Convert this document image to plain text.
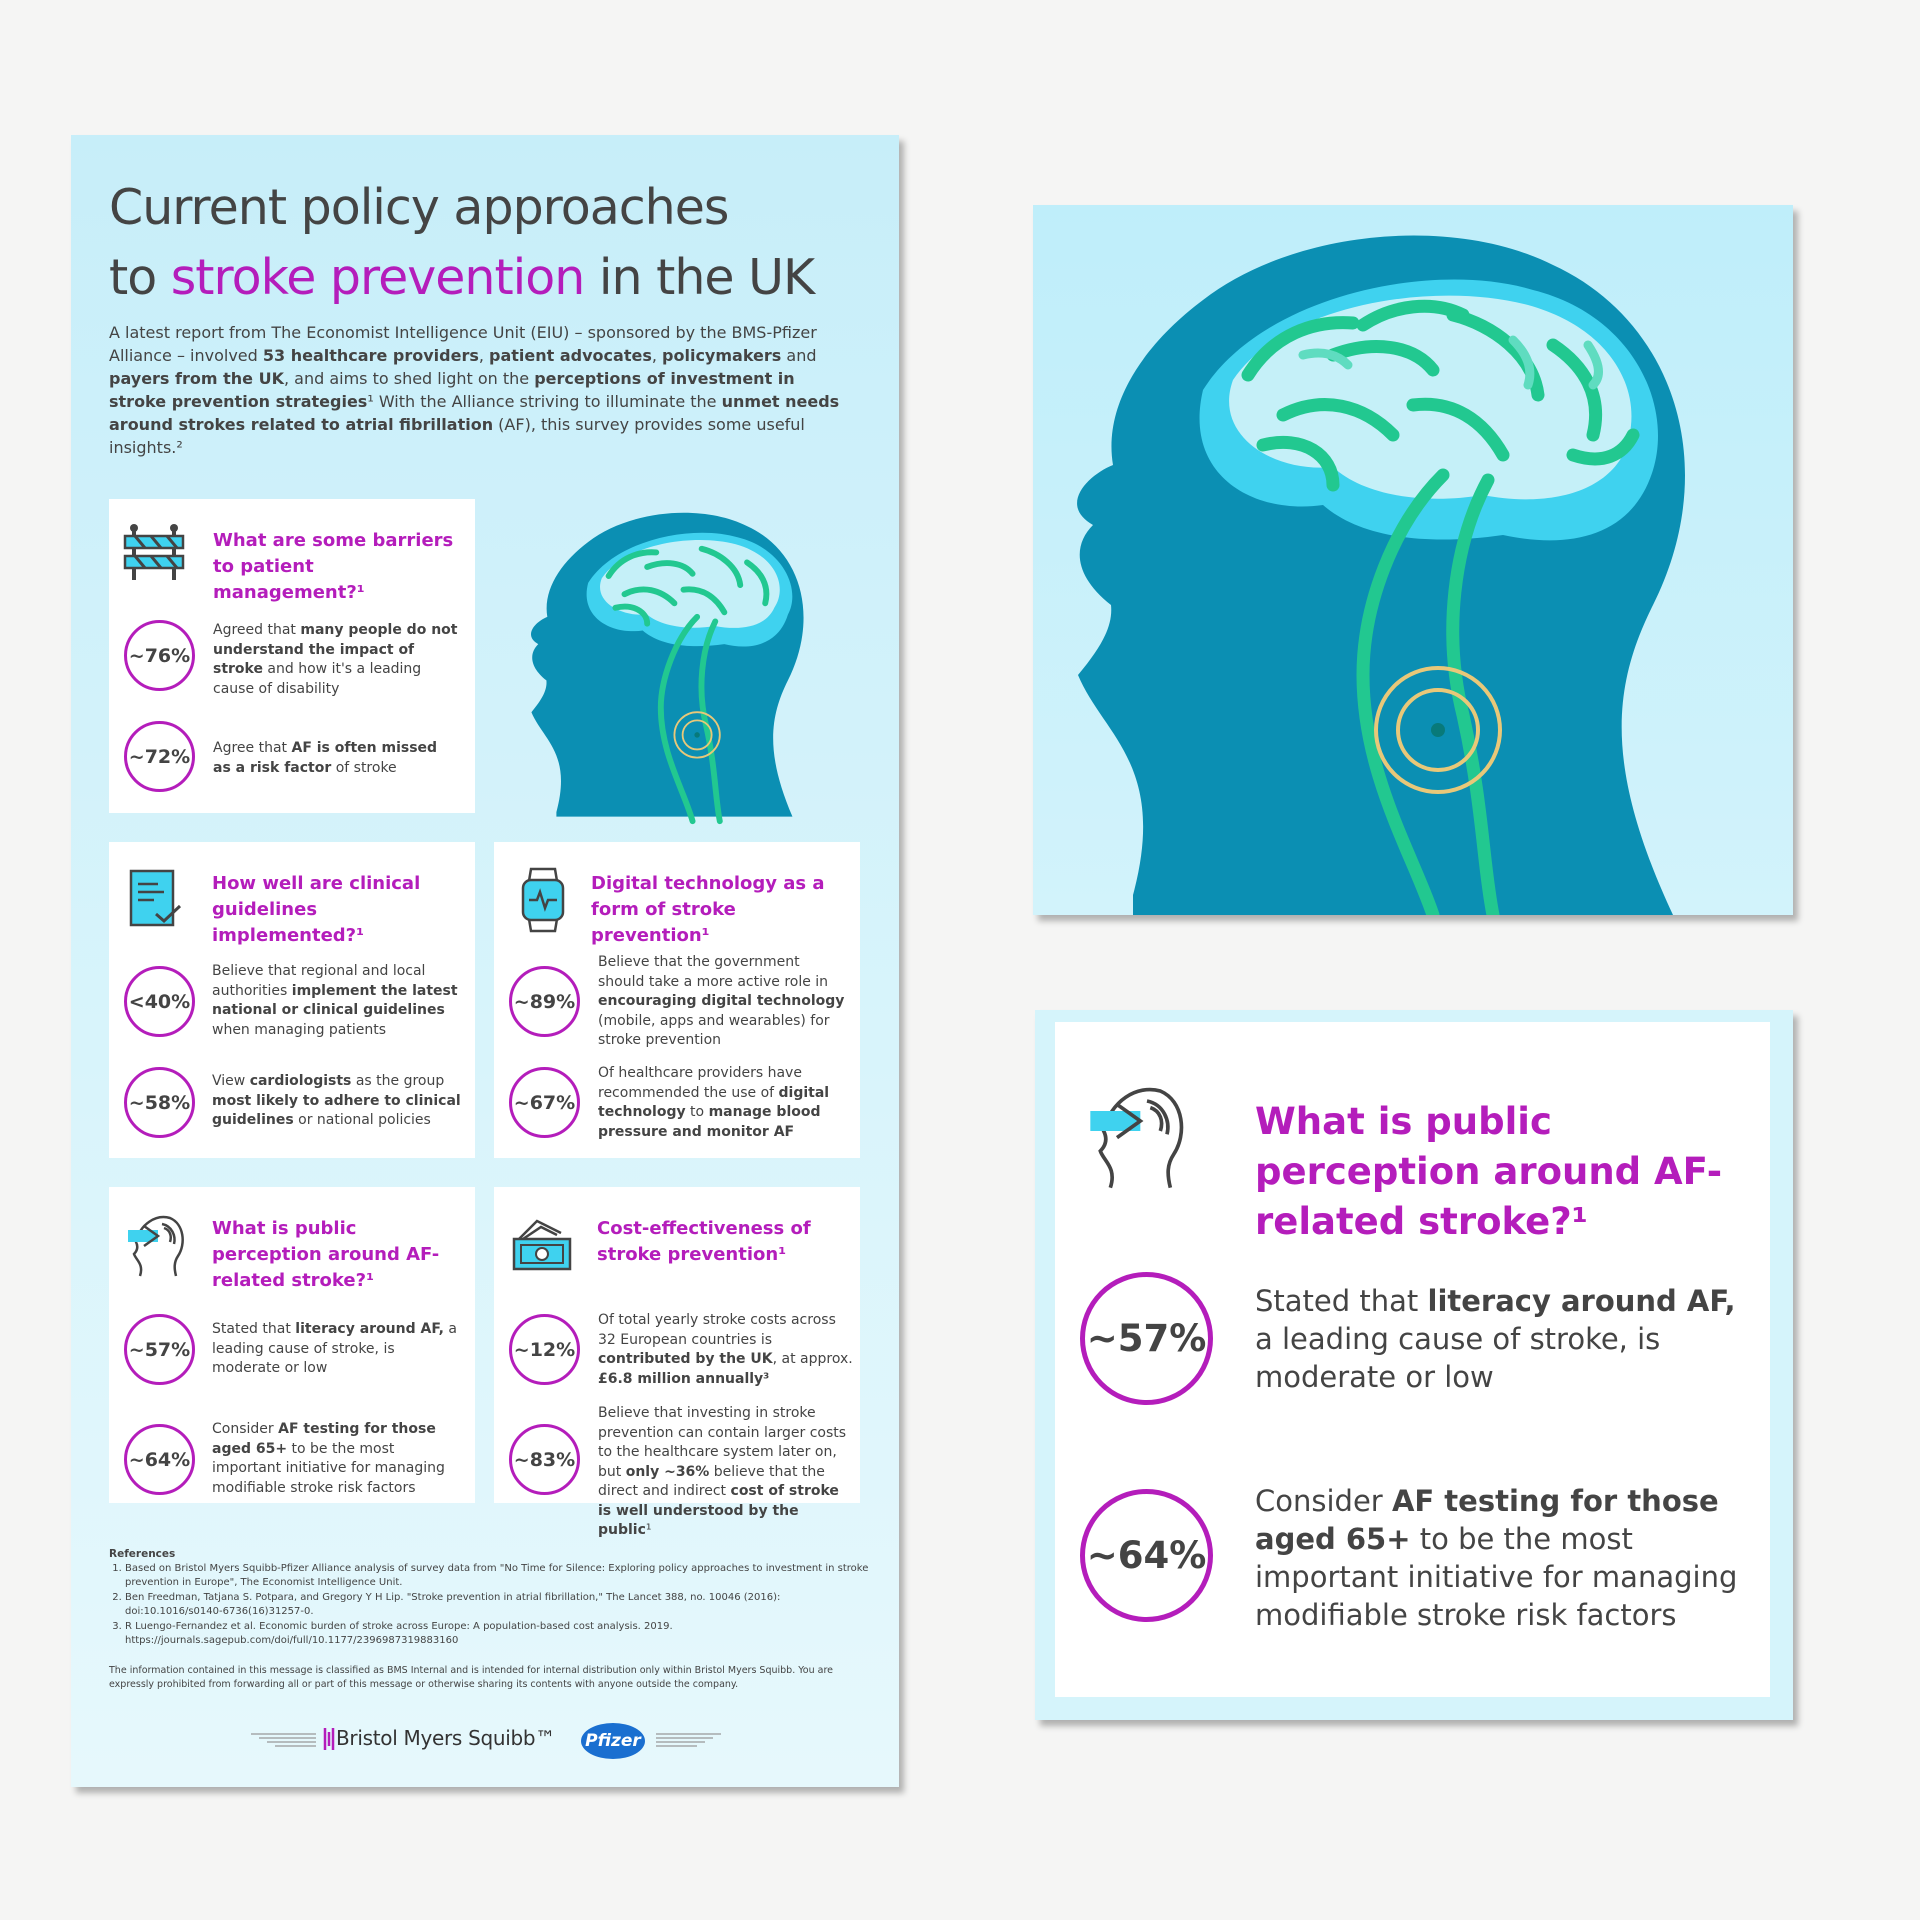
Current policy approaches
to stroke prevention in the UK
A latest report from The Economist Intelligence Unit (EIU) – sponsored by the BMS-Pfizer Alliance – involved 53 healthcare providers, patient advocates, policymakers and payers from the UK, and aims to shed light on the perceptions of investment in stroke prevention strategies¹ With the Alliance striving to illuminate the unmet needs around strokes related to atrial fibrillation (AF), this survey provides some useful insights.²
What are some barriers to patient management?¹
~76%
Agreed that many people do not understand the impact of stroke and how it's a leading cause of disability
~72%	Agree that AF is often missed as a risk factor of stroke
How well are clinical guidelines implemented?¹
<40%
Believe that regional and local authorities implement the latest national or clinical guidelines when managing patients
~58%
View cardiologists as the group most likely to adhere to clinical guidelines or national policies
Digital technology as a form of stroke prevention¹
~89%
Believe that the government should take a more active role in encouraging digital technology (mobile, apps and wearables) for stroke prevention
~67%
Of healthcare providers have recommended the use of digital technology to manage blood pressure and monitor AF
What is public perception around AF-related stroke?¹
~57%
Stated that literacy around AF, a leading cause of stroke, is moderate or low
~64%
Consider AF testing for those aged 65+ to be the most important initiative for managing modifiable stroke risk factors
Cost-effectiveness of stroke prevention¹
~12%
Of total yearly stroke costs across 32 European countries is contributed by the UK, at approx. £6.8 million annually³
~83%
Believe that investing in stroke prevention can contain larger costs to the healthcare system later on, but only ~36% believe that the direct and indirect cost of stroke is well understood by the public¹
References
1. Based on Bristol Myers Squibb-Pfizer Alliance analysis of survey data from "No Time for Silence: Exploring policy approaches to investment in stroke prevention in Europe", The Economist Intelligence Unit.
2. Ben Freedman, Tatjana S. Potpara, and Gregory Y H Lip. "Stroke prevention in atrial fibrillation," The Lancet 388, no. 10046 (2016): doi:10.1016/s0140-6736(16)31257-0.
3. R Luengo-Fernandez et al. Economic burden of stroke across Europe: A population-based cost analysis. 2019. https://journals.sagepub.com/doi/full/10.1177/2396987319883160
The information contained in this message is classified as BMS Internal and is intended for internal distribution only within Bristol Myers Squibb. You are expressly prohibited from forwarding all or part of this message or otherwise sharing its contents with anyone outside the company.
Bristol Myers Squibb™ Pfizer
What is public perception around AF-related stroke?¹
~57%
Stated that literacy around AF, a leading cause of stroke, is moderate or low
~64%
Consider AF testing for those aged 65+ to be the most important initiative for managing modifiable stroke risk factors
